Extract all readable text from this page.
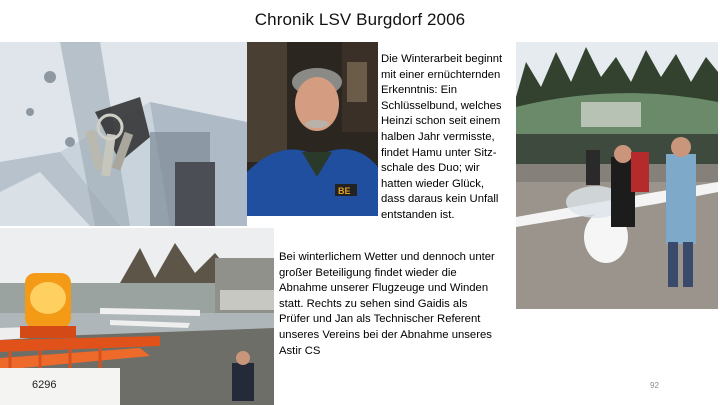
Chronik LSV Burgdorf 2006
BE
Die Winterarbeit beginnt
mit einer ernüchternden
Erkenntnis: Ein
Schlüsselbund, welches
Heinzi schon seit einem
halben Jahr vermisste,
findet Hamu unter Sitz-
schale des Duo; wir
hatten wieder Glück,
dass daraus kein Unfall
entstanden ist.
6296
Bei winterlichem Wetter und dennoch unter
großer Beteiligung findet wieder die
Abnahme unserer Flugzeuge und Winden
statt. Rechts zu sehen sind Gaidis als
Prüfer und Jan als Technischer Referent
unseres Vereins bei der Abnahme unseres
Astir CS
92
